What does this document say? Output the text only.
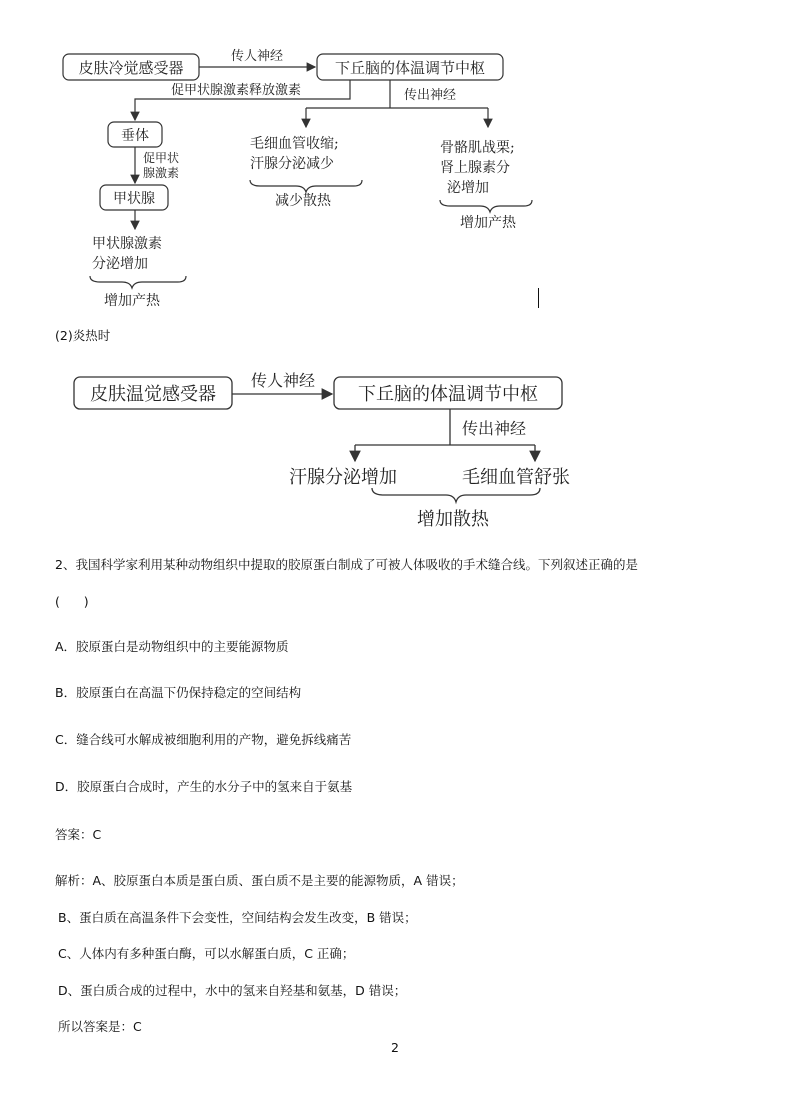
皮肤冷觉感受器
传人神经
下丘脑的体温调节中枢
促甲状腺激素释放激素	传出神经
垂体
促甲状
腺激素
甲状腺
甲状腺激素
分泌增加
增加产热
毛细血管收缩;
汗腺分泌减少
减少散热
骨骼肌战栗;
肾上腺素分
泌增加
增加产热
(2)炎热时
皮肤温觉感受器
传人神经
下丘脑的体温调节中枢
传出神经
汗腺分泌增加	毛细血管舒张
增加散热
2、我国科学家利用某种动物组织中提取的胶原蛋白制成了可被人体吸收的手术缝合线。下列叙述正确的是
(      )
A．胶原蛋白是动物组织中的主要能源物质
B．胶原蛋白在高温下仍保持稳定的空间结构
C．缝合线可水解成被细胞利用的产物，避免拆线痛苦
D．胶原蛋白合成时，产生的水分子中的氢来自于氨基
答案：C
解析：A、胶原蛋白本质是蛋白质、蛋白质不是主要的能源物质，A 错误；
B、蛋白质在高温条件下会变性，空间结构会发生改变，B 错误；
C、人体内有多种蛋白酶，可以水解蛋白质，C 正确；
D、蛋白质合成的过程中，水中的氢来自羟基和氨基，D 错误；
所以答案是：C
2
